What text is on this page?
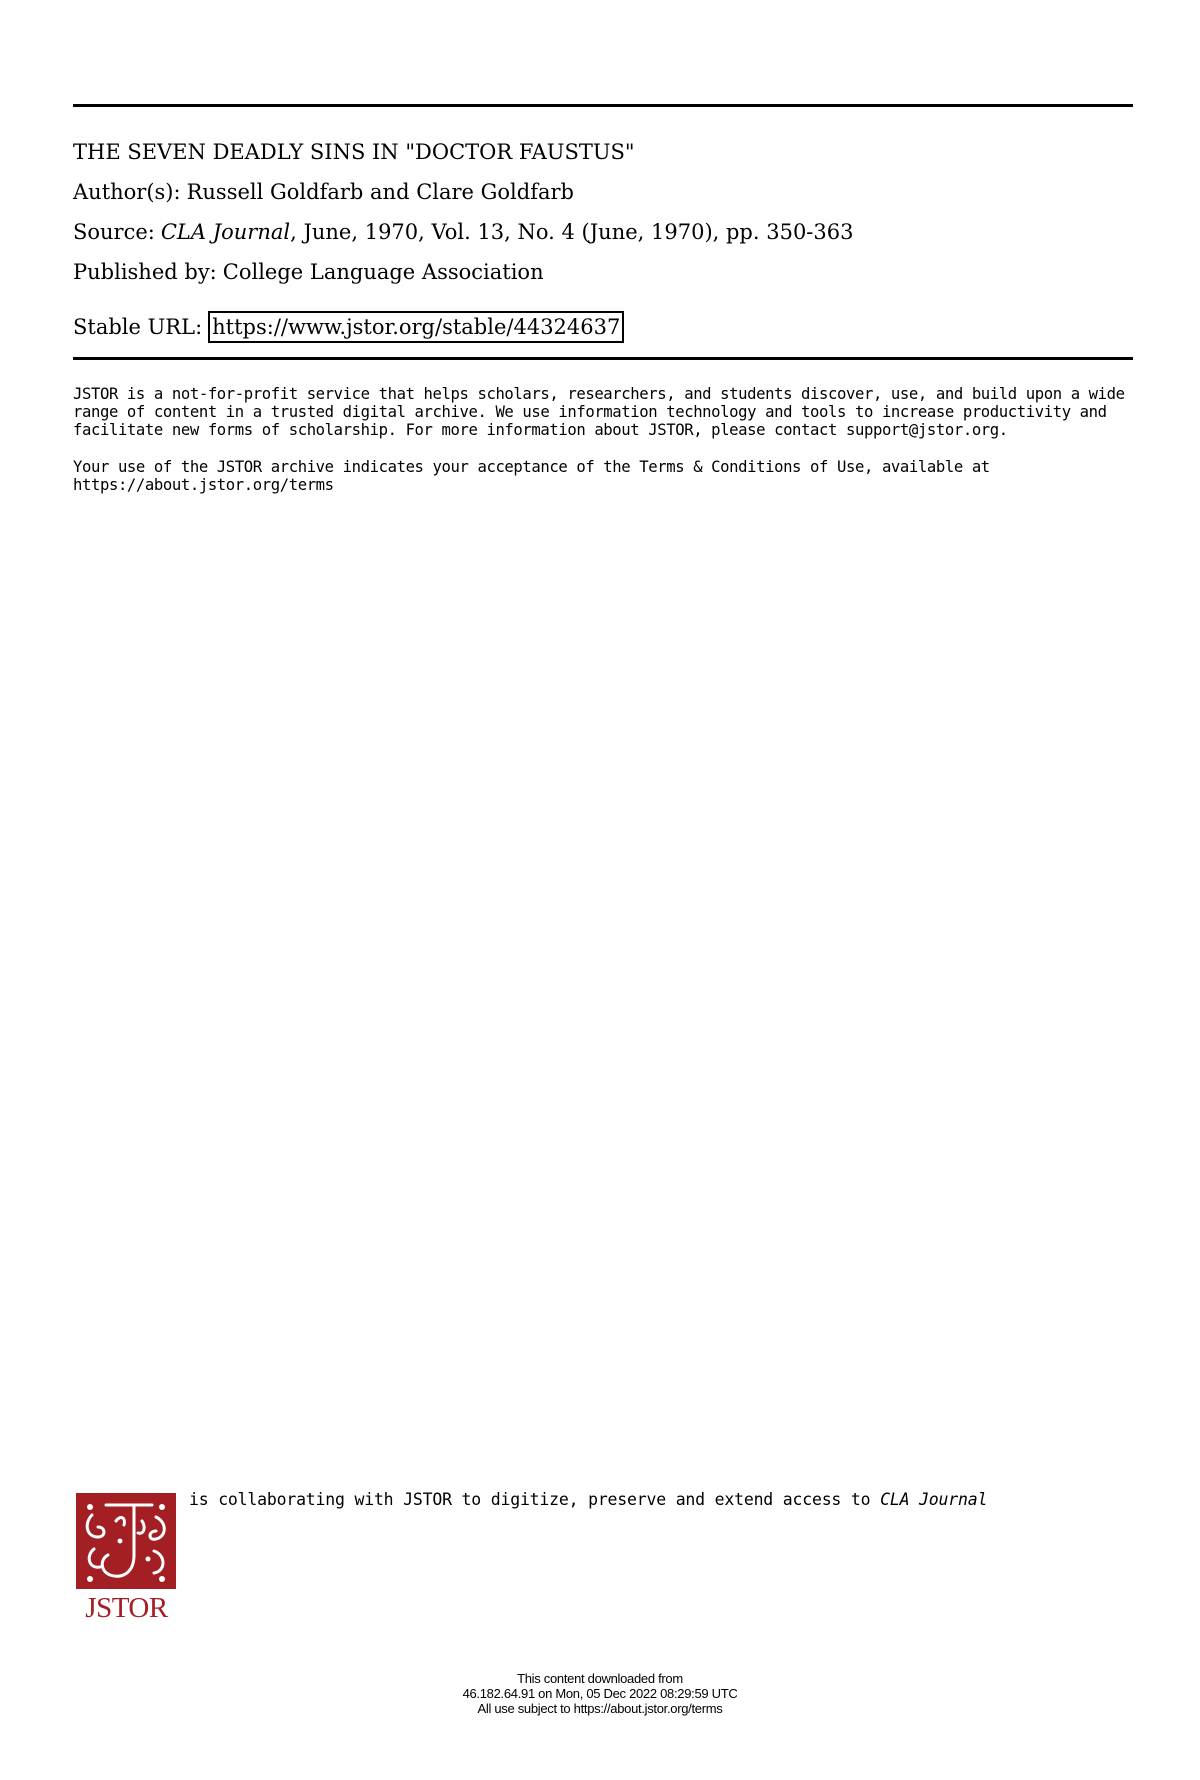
THE SEVEN DEADLY SINS IN "DOCTOR FAUSTUS"
Author(s): Russell Goldfarb and Clare Goldfarb
Source: CLA Journal, June, 1970, Vol. 13, No. 4 (June, 1970), pp. 350-363
Published by: College Language Association
Stable URL: https://www.jstor.org/stable/44324637

JSTOR is a not-for-profit service that helps scholars, researchers, and students discover, use, and build upon a wide range of content in a trusted digital archive. We use information technology and tools to increase productivity and facilitate new forms of scholarship. For more information about JSTOR, please contact support@jstor.org.

Your use of the JSTOR archive indicates your acceptance of the Terms & Conditions of Use, available at https://about.jstor.org/terms

JSTOR
is collaborating with JSTOR to digitize, preserve and extend access to CLA Journal
This content downloaded from
46.182.64.91 on Mon, 05 Dec 2022 08:29:59 UTC
All use subject to https://about.jstor.org/terms
